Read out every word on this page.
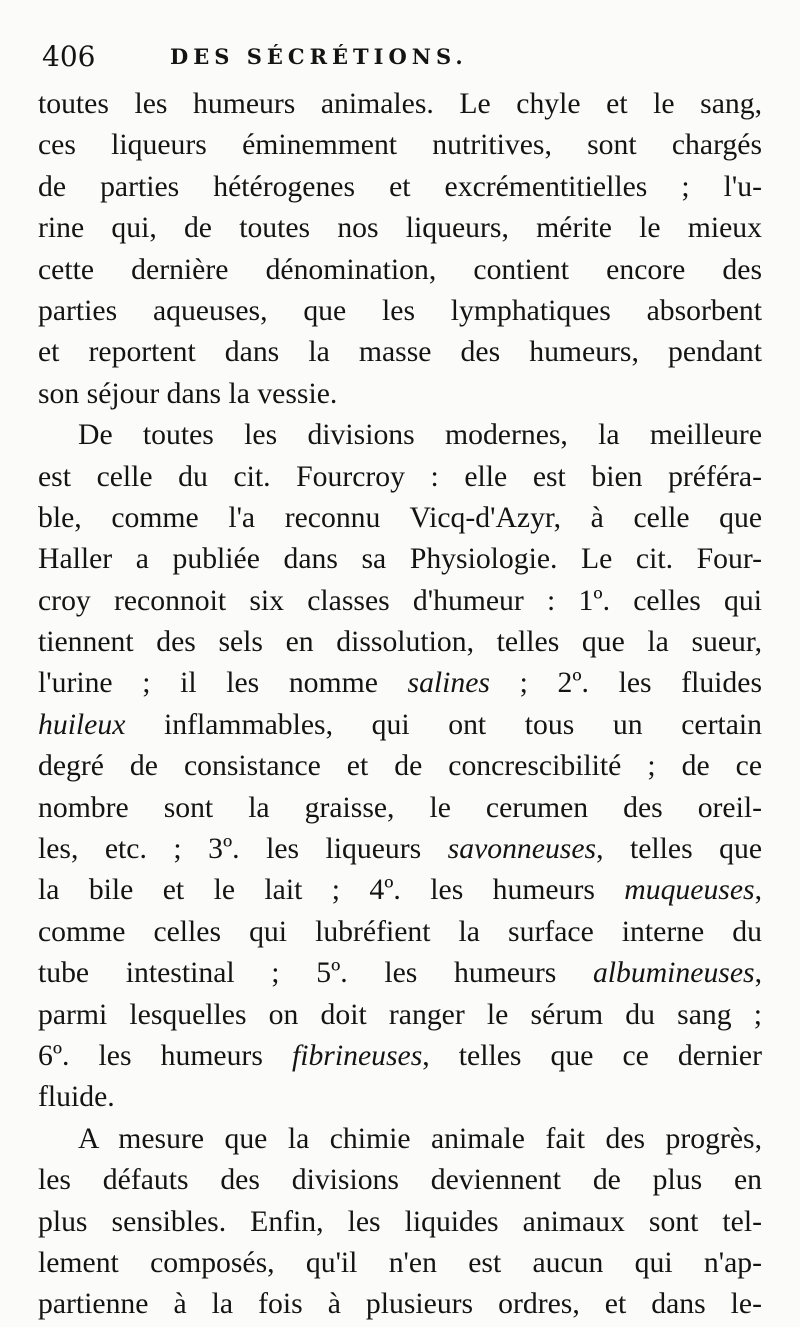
406	DES SÉCRÉTIONS.
toutes les humeurs animales. Le chyle et le sang,
ces liqueurs éminemment nutritives, sont chargés
de parties hétérogenes et excrémentitielles ; l'u-
rine qui, de toutes nos liqueurs, mérite le mieux
cette dernière dénomination, contient encore des
parties aqueuses, que les lymphatiques absorbent
et reportent dans la masse des humeurs, pendant
son séjour dans la vessie.
De toutes les divisions modernes, la meilleure
est celle du cit. Fourcroy : elle est bien préféra-
ble, comme l'a reconnu Vicq-d'Azyr, à celle que
Haller a publiée dans sa Physiologie. Le cit. Four-
croy reconnoit six classes d'humeur : 1º. celles qui
tiennent des sels en dissolution, telles que la sueur,
l'urine ; il les nomme salines ; 2º. les fluides
huileux inflammables, qui ont tous un certain
degré de consistance et de concrescibilité ; de ce
nombre sont la graisse, le cerumen des oreil-
les, etc. ; 3º. les liqueurs savonneuses, telles que
la bile et le lait ; 4º. les humeurs muqueuses,
comme celles qui lubréfient la surface interne du
tube intestinal ; 5º. les humeurs albumineuses,
parmi lesquelles on doit ranger le sérum du sang ;
6º. les humeurs fibrineuses, telles que ce dernier
fluide.
A mesure que la chimie animale fait des progrès,
les défauts des divisions deviennent de plus en
plus sensibles. Enfin, les liquides animaux sont tel-
lement composés, qu'il n'en est aucun qui n'ap-
partienne à la fois à plusieurs ordres, et dans le-
